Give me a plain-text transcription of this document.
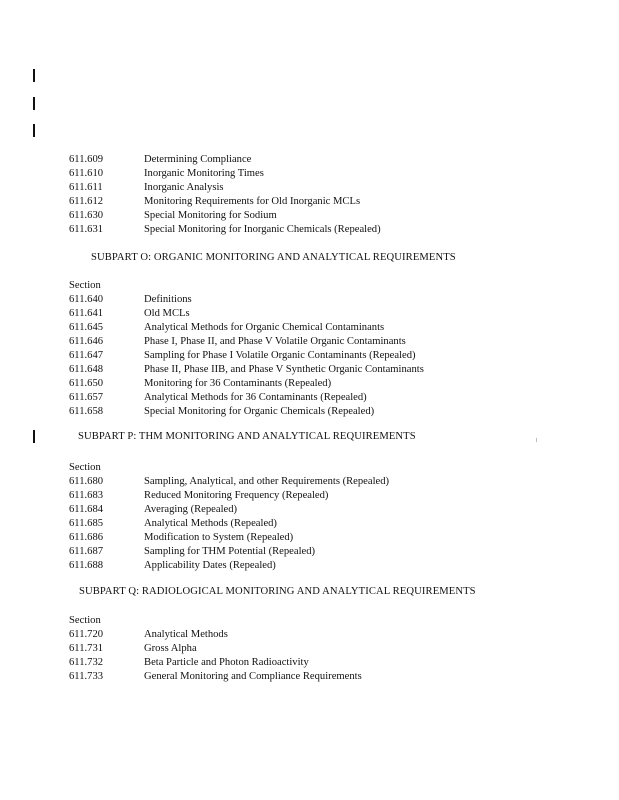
611.609	Determining Compliance
611.610	Inorganic Monitoring Times
611.611	Inorganic Analysis
611.612	Monitoring Requirements for Old Inorganic MCLs
611.630	Special Monitoring for Sodium
611.631	Special Monitoring for Inorganic Chemicals (Repealed)
SUBPART O: ORGANIC MONITORING AND ANALYTICAL REQUIREMENTS
Section
611.640	Definitions
611.641	Old MCLs
611.645	Analytical Methods for Organic Chemical Contaminants
611.646	Phase I, Phase II, and Phase V Volatile Organic Contaminants
611.647	Sampling for Phase I Volatile Organic Contaminants (Repealed)
611.648	Phase II, Phase IIB, and Phase V Synthetic Organic Contaminants
611.650	Monitoring for 36 Contaminants (Repealed)
611.657	Analytical Methods for 36 Contaminants (Repealed)
611.658	Special Monitoring for Organic Chemicals (Repealed)
SUBPART P: THM MONITORING AND ANALYTICAL REQUIREMENTS
Section
611.680	Sampling, Analytical, and other Requirements (Repealed)
611.683	Reduced Monitoring Frequency (Repealed)
611.684	Averaging (Repealed)
611.685	Analytical Methods (Repealed)
611.686	Modification to System (Repealed)
611.687	Sampling for THM Potential (Repealed)
611.688	Applicability Dates (Repealed)
SUBPART Q: RADIOLOGICAL MONITORING AND ANALYTICAL REQUIREMENTS
Section
611.720	Analytical Methods
611.731	Gross Alpha
611.732	Beta Particle and Photon Radioactivity
611.733	General Monitoring and Compliance Requirements
